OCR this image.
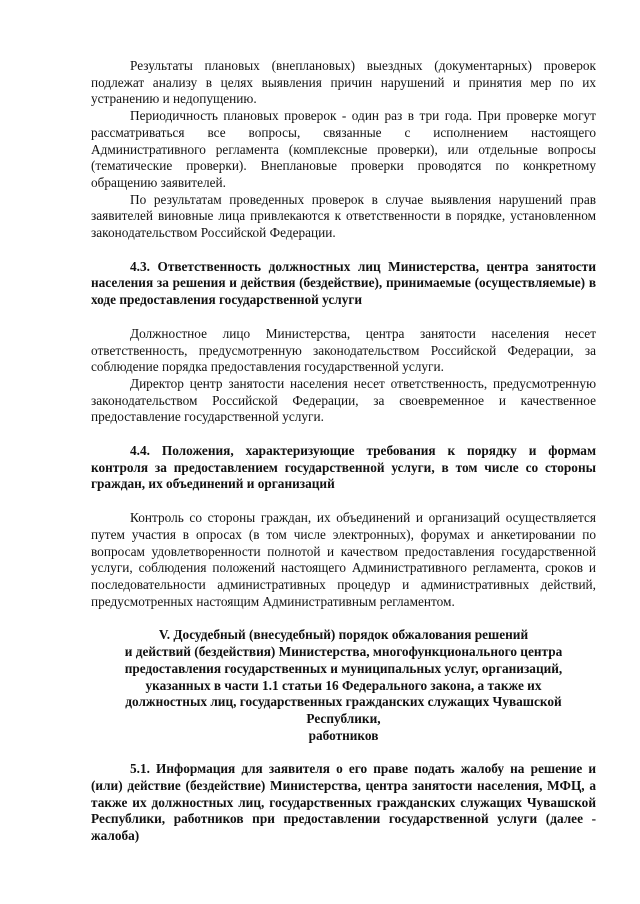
Результаты плановых (внеплановых) выездных (документарных) проверок подлежат анализу в целях выявления причин нарушений и принятия мер по их устранению и недопущению.

Периодичность плановых проверок - один раз в три года. При проверке могут рассматриваться все вопросы, связанные с исполнением настоящего Административного регламента (комплексные проверки), или отдельные вопросы (тематические проверки). Внеплановые проверки проводятся по конкретному обращению заявителей.

По результатам проведенных проверок в случае выявления нарушений прав заявителей виновные лица привлекаются к ответственности в порядке, установленном законодательством Российской Федерации.

4.3. Ответственность должностных лиц Министерства, центра занятости населения за решения и действия (бездействие), принимаемые (осуществляемые) в ходе предоставления государственной услуги

Должностное лицо Министерства, центра занятости населения несет ответственность, предусмотренную законодательством Российской Федерации, за соблюдение порядка предоставления государственной услуги.

Директор центр занятости населения несет ответственность, предусмотренную законодательством Российской Федерации, за своевременное и качественное предоставление государственной услуги.

4.4. Положения, характеризующие требования к порядку и формам контроля за предоставлением государственной услуги, в том числе со стороны граждан, их объединений и организаций

Контроль со стороны граждан, их объединений и организаций осуществляется путем участия в опросах (в том числе электронных), форумах и анкетировании по вопросам удовлетворенности полнотой и качеством предоставления государственной услуги, соблюдения положений настоящего Административного регламента, сроков и последовательности административных процедур и административных действий, предусмотренных настоящим Административным регламентом.

V. Досудебный (внесудебный) порядок обжалования решений
и действий (бездействия) Министерства, многофункционального центра
предоставления государственных и муниципальных услуг, организаций,
указанных в части 1.1 статьи 16 Федерального закона, а также их
должностных лиц, государственных гражданских служащих Чувашской
Республики,
работников

5.1. Информация для заявителя о его праве подать жалобу на решение и (или) действие (бездействие) Министерства, центра занятости населения, МФЦ, а также их должностных лиц, государственных гражданских служащих Чувашской Республики, работников при предоставлении государственной услуги (далее - жалоба)
